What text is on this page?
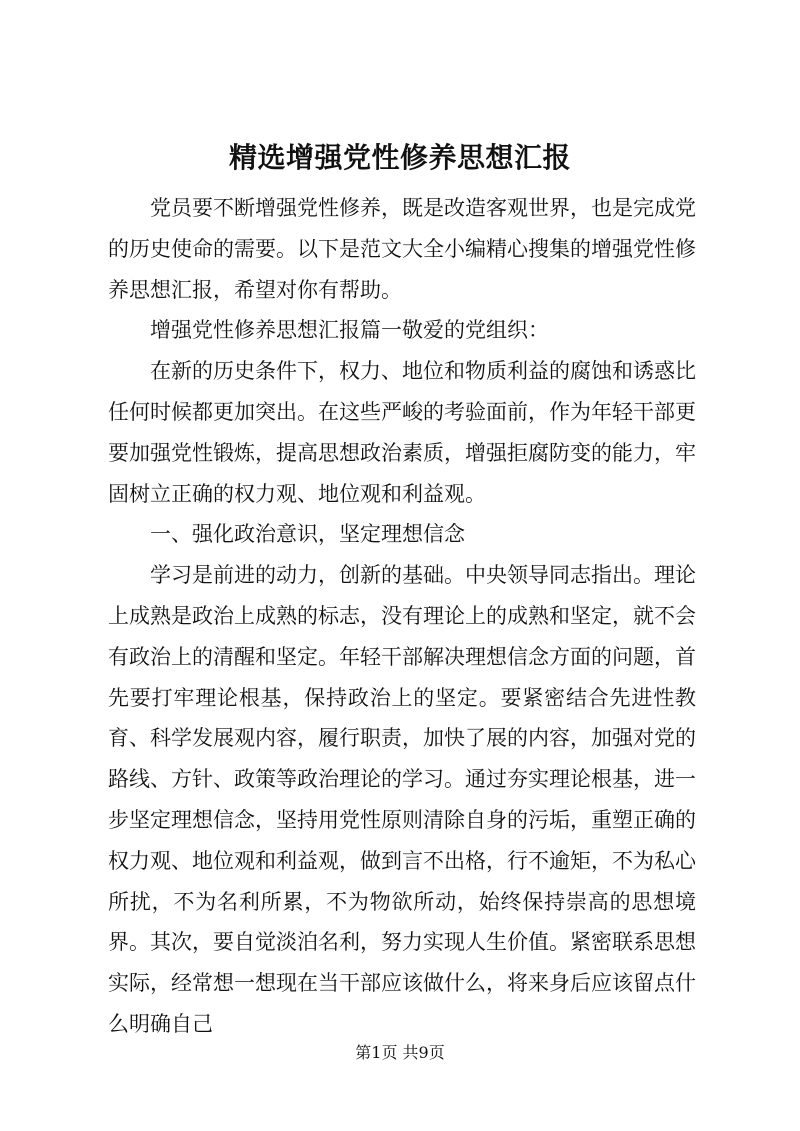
精选增强党性修养思想汇报

党员要不断增强党性修养，既是改造客观世界，也是完成党的历史使命的需要。以下是范文大全小编精心搜集的增强党性修养思想汇报，希望对你有帮助。

增强党性修养思想汇报篇一敬爱的党组织：

在新的历史条件下，权力、地位和物质利益的腐蚀和诱惑比任何时候都更加突出。在这些严峻的考验面前，作为年轻干部更要加强党性锻炼，提高思想政治素质，增强拒腐防变的能力，牢固树立正确的权力观、地位观和利益观。

一、强化政治意识，坚定理想信念

学习是前进的动力，创新的基础。中央领导同志指出。理论上成熟是政治上成熟的标志，没有理论上的成熟和坚定，就不会有政治上的清醒和坚定。年轻干部解决理想信念方面的问题，首先要打牢理论根基，保持政治上的坚定。要紧密结合先进性教育、科学发展观内容，履行职责，加快了展的内容，加强对党的路线、方针、政策等政治理论的学习。通过夯实理论根基，进一步坚定理想信念，坚持用党性原则清除自身的污垢，重塑正确的权力观、地位观和利益观，做到言不出格，行不逾矩，不为私心所扰，不为名利所累，不为物欲所动，始终保持崇高的思想境界。其次，要自觉淡泊名利，努力实现人生价值。紧密联系思想实际，经常想一想现在当干部应该做什么，将来身后应该留点什么明确自己

第1页 共9页
